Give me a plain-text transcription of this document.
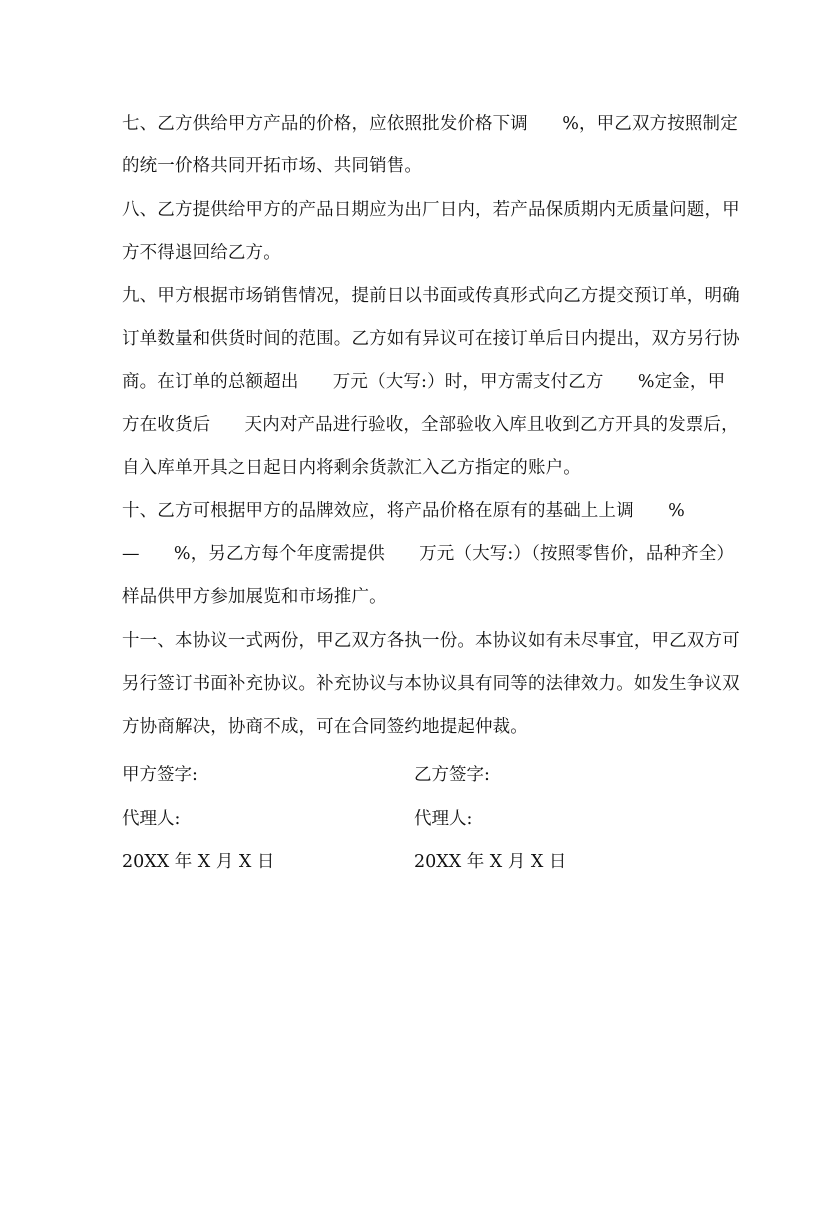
七、乙方供给甲方产品的价格，应依照批发价格下调      %，甲乙双方按照制定
的统一价格共同开拓市场、共同销售。
八、乙方提供给甲方的产品日期应为出厂日内，若产品保质期内无质量问题，甲
方不得退回给乙方。
九、甲方根据市场销售情况，提前日以书面或传真形式向乙方提交预订单，明确
订单数量和供货时间的范围。乙方如有异议可在接订单后日内提出，双方另行协
商。在订单的总额超出      万元（大写:）时，甲方需支付乙方      %定金，甲
方在收货后      天内对产品进行验收，全部验收入库且收到乙方开具的发票后，
自入库单开具之日起日内将剩余货款汇入乙方指定的账户。
十、乙方可根据甲方的品牌效应，将产品价格在原有的基础上上调      %
—      %，另乙方每个年度需提供      万元（大写:）（按照零售价，品种齐全）
样品供甲方参加展览和市场推广。
十一、本协议一式两份，甲乙双方各执一份。本协议如有未尽事宜，甲乙双方可
另行签订书面补充协议。补充协议与本协议具有同等的法律效力。如发生争议双
方协商解决，协商不成，可在合同签约地提起仲裁。
甲方签字:	乙方签字:
代理人:	代理人:
20XX 年 X 月 X 日	20XX 年 X 月 X 日
